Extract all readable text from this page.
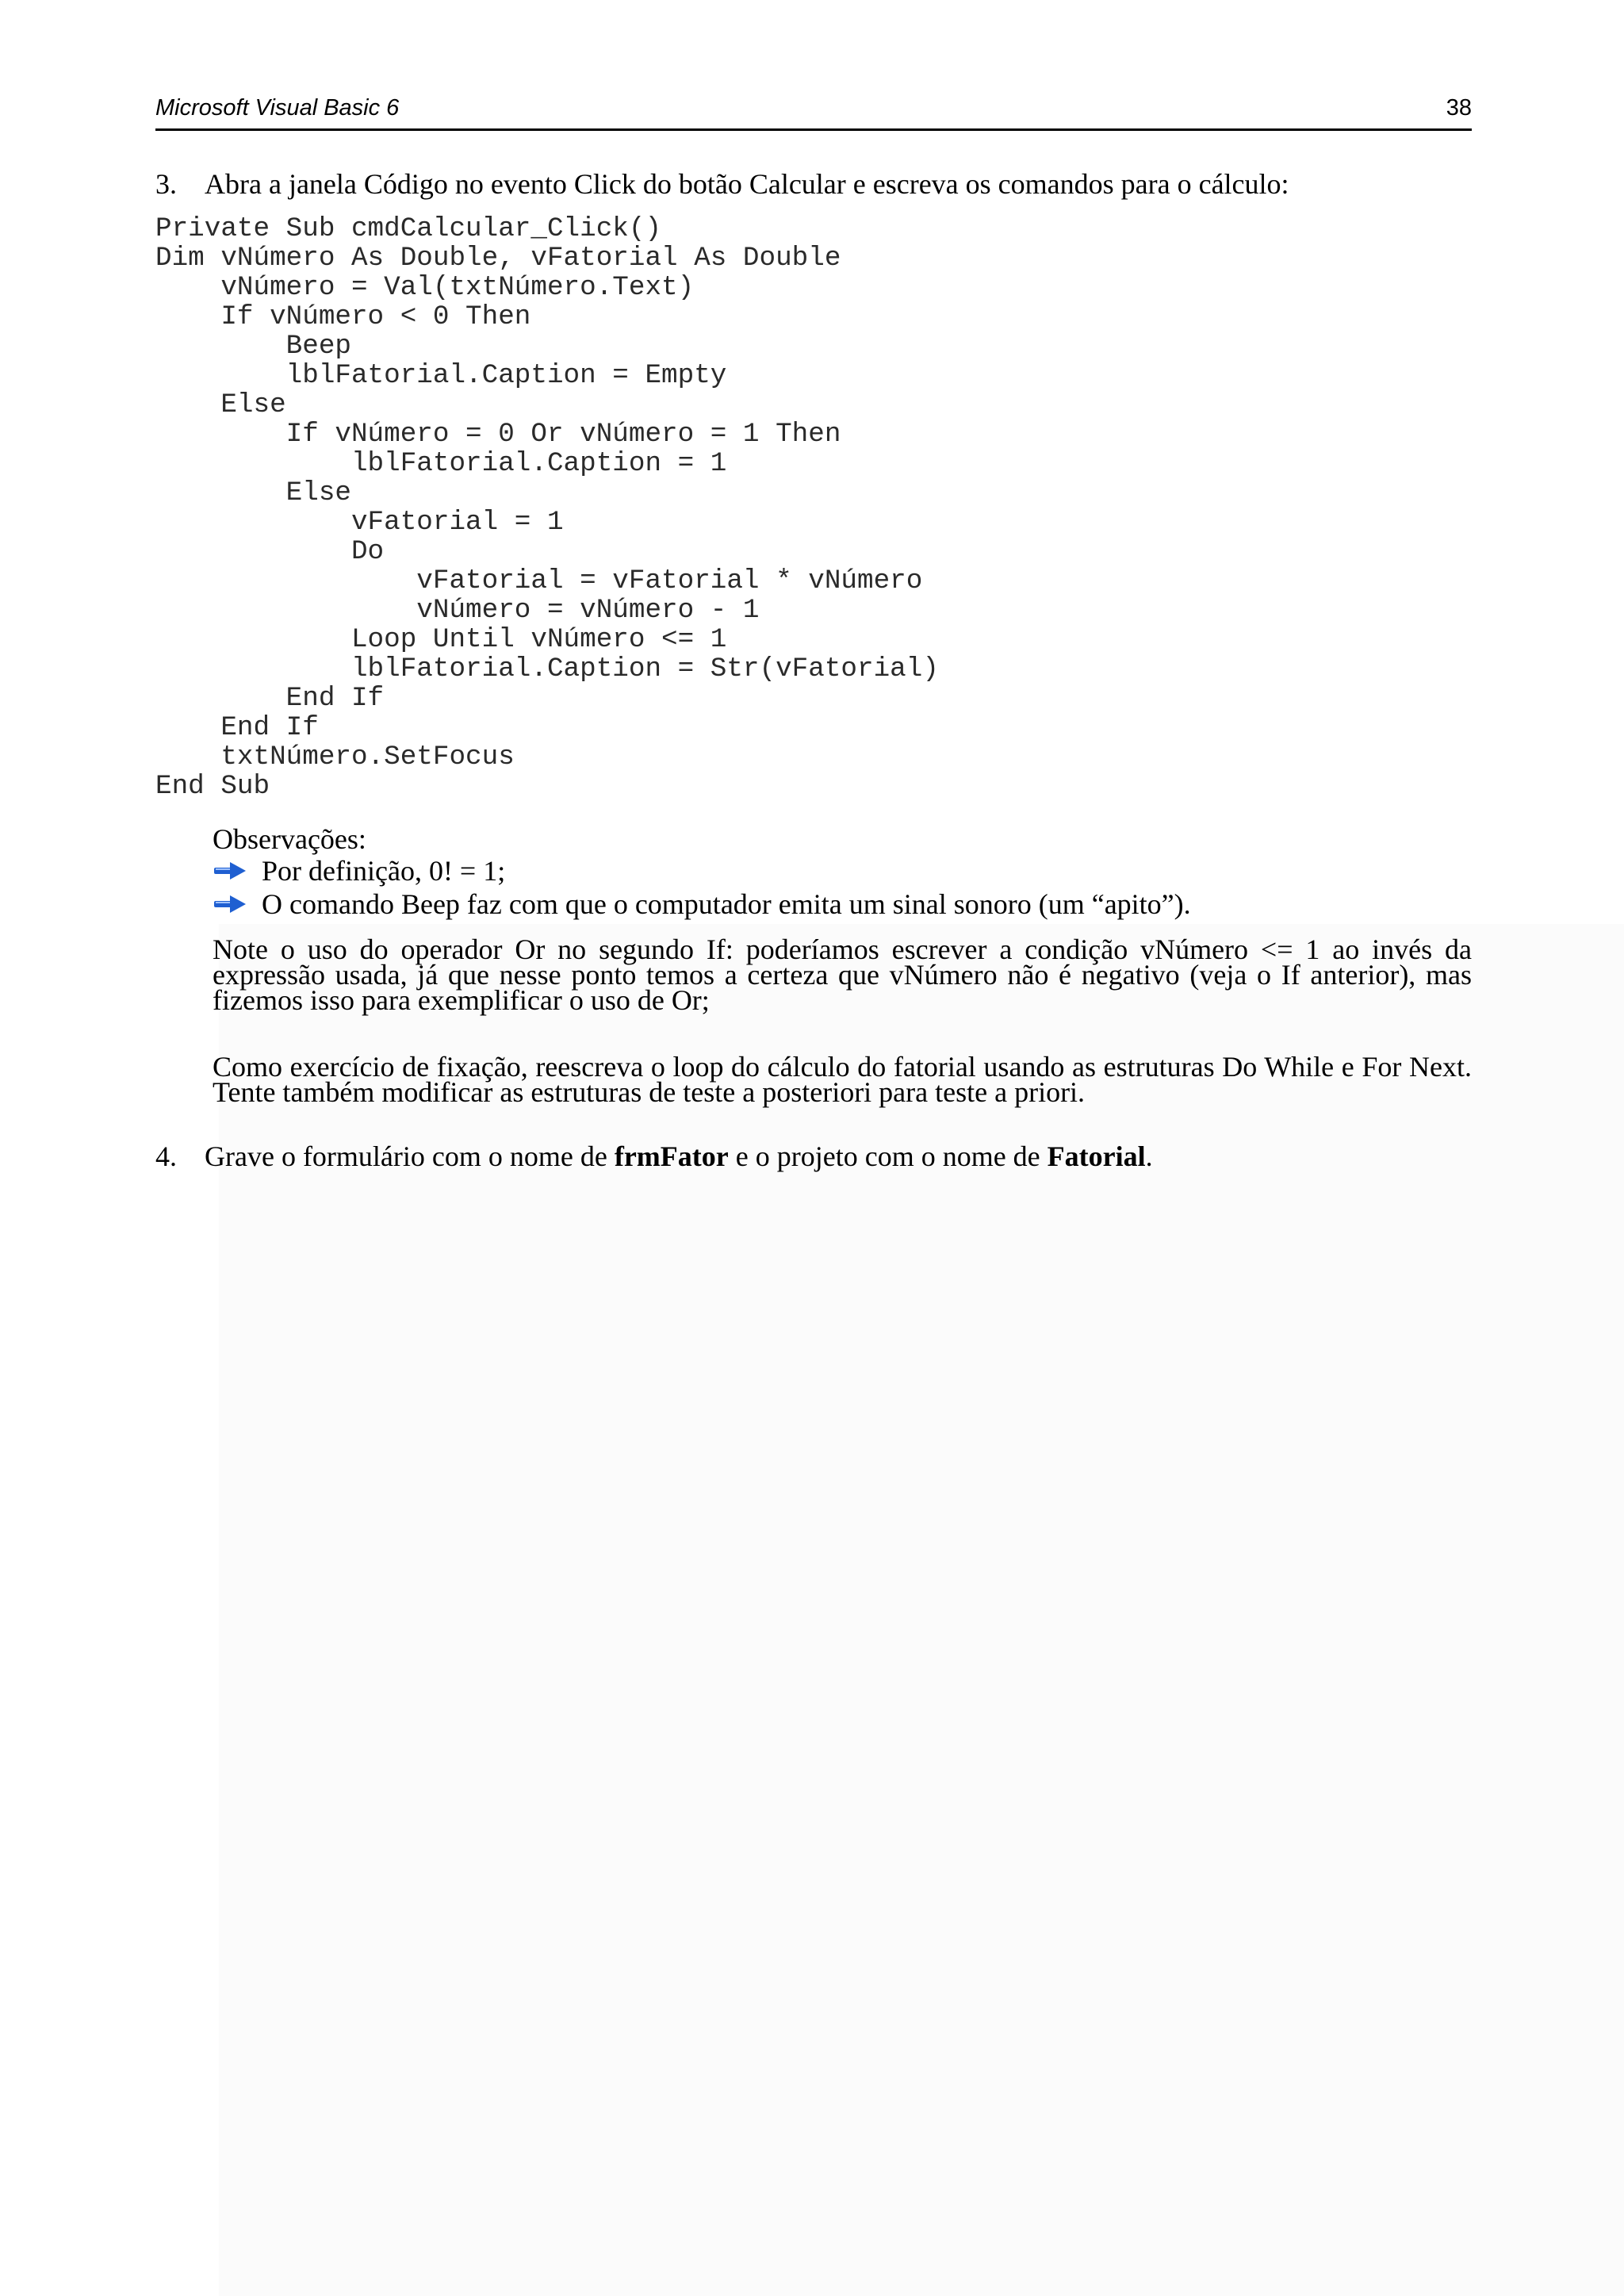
Microsoft Visual Basic 6	38
3. Abra a janela Código no evento Click do botão Calcular e escreva os comandos para o cálculo:
Private Sub cmdCalcular_Click()
Dim vNúmero As Double, vFatorial As Double
vNúmero = Val(txtNúmero.Text)
If vNúmero < 0 Then
Beep
lblFatorial.Caption = Empty
Else
If vNúmero = 0 Or vNúmero = 1 Then
lblFatorial.Caption = 1
Else
vFatorial = 1
Do
vFatorial = vFatorial * vNúmero
vNúmero = vNúmero - 1
Loop Until vNúmero <= 1
lblFatorial.Caption = Str(vFatorial)
End If
End If
txtNúmero.SetFocus
End Sub
Observações:
Por definição, 0! = 1;
O comando Beep faz com que o computador emita um sinal sonoro (um “apito”).

Note o uso do operador Or no segundo If: poderíamos escrever a condição vNúmero <= 1 ao invés da expressão usada, já que nesse ponto temos a certeza que vNúmero não é negativo (veja o If anterior), mas fizemos isso para exemplificar o uso de Or;

Como exercício de fixação, reescreva o loop do cálculo do fatorial usando as estruturas Do While e For Next. Tente também modificar as estruturas de teste a posteriori para teste a priori.

4. Grave o formulário com o nome de frmFator e o projeto com o nome de Fatorial.
